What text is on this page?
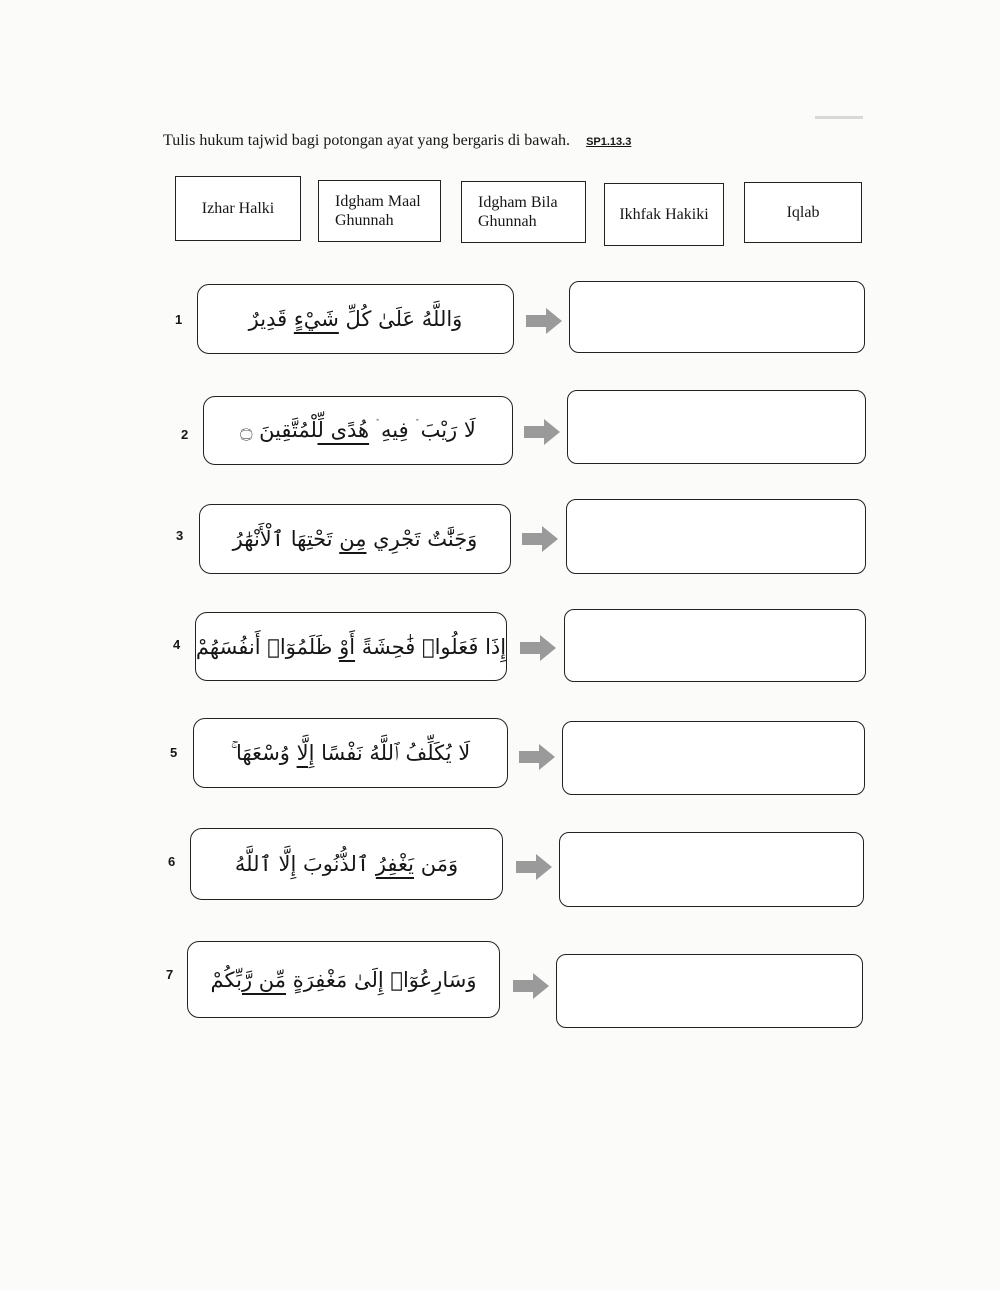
Tulis hukum tajwid bagi potongan ayat yang bergaris di bawah. SP1.13.3
Izhar Halki	Idgham Maal
Ghunnah
Idgham Bila
Ghunnah	Ikhfak Hakiki	Iqlab
1	وَاللَّهُ عَلَىٰ كُلِّ شَيْءٍ قَدِيرٌ
2	لَا رَيْبَ ۛ فِيهِ ۛ هُدًى لِّلْمُتَّقِينَ ۝
3	وَجَنَّٰتٌ تَجْرِي مِن تَحْتِهَا ٱلْأَنْهَٰرُ
4	إِذَا فَعَلُوا۟ فَٰحِشَةً أَوْ ظَلَمُوٓا۟ أَنفُسَهُمْ
5	لَا يُكَلِّفُ ٱللَّهُ نَفْسًا إِلَّا وُسْعَهَا ۚ
6	وَمَن يَغْفِرُ ٱلذُّنُوبَ إِلَّا ٱللَّهُ
7	وَسَارِعُوٓا۟ إِلَىٰ مَغْفِرَةٍ مِّن رَّبِّكُمْ
